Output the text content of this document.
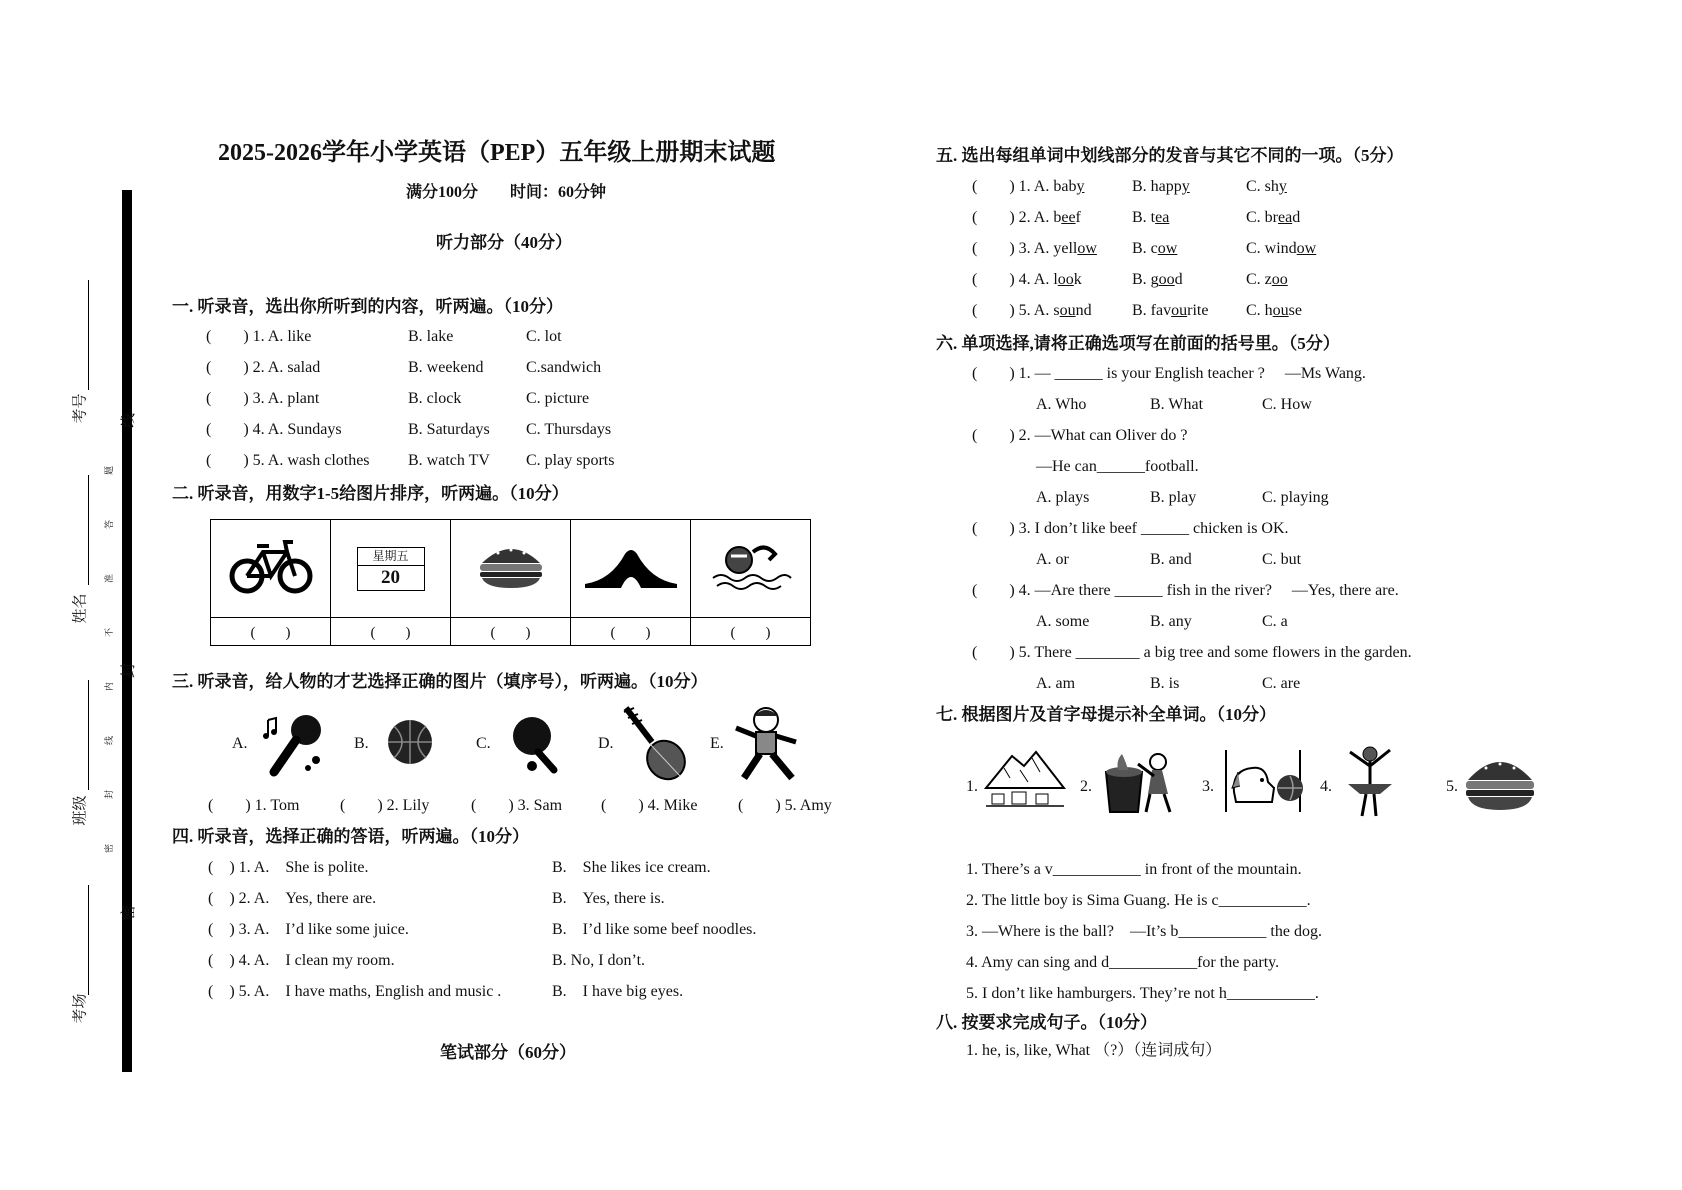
考号
姓名
班级
考场
线
封
密
题
答
准
不
内
线
封
密
2025-2026学年小学英语（PEP）五年级上册期末试题
满分100分　　时间：60分钟
听力部分（40分）
一. 听录音，选出你所听到的内容，听两遍。（10分）
(　　) 1. A. like	B. lake	C. lot
(　　) 2. A. salad	B. weekend	C.sandwich
(　　) 3. A. plant	B. clock	C. picture
(　　) 4. A. Sundays	B. Saturdays C. Thursdays
(　　) 5. A. wash clothes B. watch TV C. play sports
二. 听录音，用数字1-5给图片排序，听两遍。（10分）

星期五
20

(　　)	(　　)	(　　)	(　　)	(　　)
三. 听录音，给人物的才艺选择正确的图片（填序号），听两遍。（10分）
A.	B.	C.	D.	E.
(　　) 1. Tom	(　　) 2. Lily	(　　) 3. Sam (　　) 4. Mike	(　　) 5. Amy
四. 听录音，选择正确的答语，听两遍。（10分）
(　) 1. A.　She is polite.	B.　She likes ice cream.
(　) 2. A.　Yes, there are.	B.　Yes, there is.
(　) 3. A.　I’d like some juice.	B.　I’d like some beef noodles.
(　) 4. A.　I clean my room.	B. No, I don’t.
(　) 5. A.　I have maths, English and music .	B.　I have big eyes.
笔试部分（60分）
五. 选出每组单词中划线部分的发音与其它不同的一项。（5分）
(　　) 1. A. baby	B. happy	C. shy
(　　) 2. A. beef	B. tea	C. bread
(　　) 3. A. yellow B. cow	C. window
(　　) 4. A. look	B. good	C. zoo
(　　) 5. A. sound	B. favourite C. house
六. 单项选择,请将正确选项写在前面的括号里。（5分）
(　　) 1. — ______ is your English teacher ?　 —Ms Wang.
A. Who	B. What	C. How
(　　) 2. —What can Oliver do ?
—He can______football.
A. plays	B. play	C. playing
(　　) 3. I don’t like beef ______ chicken is OK.
A. or	B. and	C. but
(　　) 4. —Are there ______ fish in the river?　 —Yes, there are.
A. some	B. any	C. a
(　　) 5. There ________ a big tree and some flowers in the garden.
A. am	B. is	C. are
七. 根据图片及首字母提示补全单词。（10分）
1.	2.	3.	4.	5.
1. There’s a v___________ in front of the mountain.
2. The little boy is Sima Guang. He is c___________.
3. —Where is the ball?　—It’s b___________ the dog.
4. Amy can sing and d___________for the party.
5. I don’t like hamburgers. They’re not h___________.
八. 按要求完成句子。（10分）
1. he, is, like, What （?）（连词成句）
